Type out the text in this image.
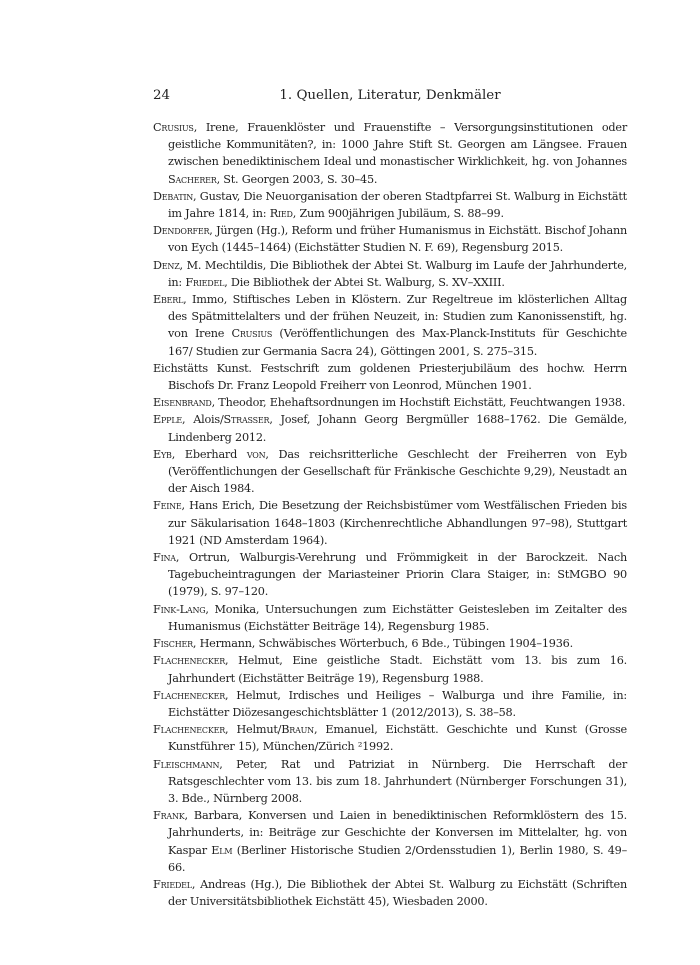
24	1. Quellen, Literatur, Denkmäler

Crusius, Irene, Frauenklöster und Frauenstifte – Versorgungsinstitutionen oder geistliche Kommunitäten?, in: 1000 Jahre Stift St. Georgen am Längsee. Frauen zwischen benediktinischem Ideal und monastischer Wirklichkeit, hg. von Johannes Sacherer, St. Georgen 2003, S. 30–45.

Debatin, Gustav, Die Neuorganisation der oberen Stadtpfarrei St. Walburg in Eichstätt im Jahre 1814, in: Ried, Zum 900jährigen Jubiläum, S. 88–99.

Dendorfer, Jürgen (Hg.), Reform und früher Humanismus in Eichstätt. Bischof Johann von Eych (1445–1464) (Eichstätter Studien N. F. 69), Regensburg 2015.

Denz, M. Mechtildis, Die Bibliothek der Abtei St. Walburg im Laufe der Jahrhunderte, in: Friedel, Die Bibliothek der Abtei St. Walburg, S. XV–XXIII.

Eberl, Immo, Stiftisches Leben in Klöstern. Zur Regeltreue im klösterlichen Alltag des Spätmittelalters und der frühen Neuzeit, in: Studien zum Kanonissenstift, hg. von Irene Crusius (Veröffentlichungen des Max-Planck-Instituts für Geschichte 167/ Studien zur Germania Sacra 24), Göttingen 2001, S. 275–315.

Eichstätts Kunst. Festschrift zum goldenen Priesterjubiläum des hochw. Herrn Bischofs Dr. Franz Leopold Freiherr von Leonrod, München 1901.

Eisenbrand, Theodor, Ehehaftsordnungen im Hochstift Eichstätt, Feuchtwangen 1938.

Epple, Alois/Strasser, Josef, Johann Georg Bergmüller 1688–1762. Die Gemälde, Lindenberg 2012.

Eyb, Eberhard von, Das reichsritterliche Geschlecht der Freiherren von Eyb (Veröffentlichungen der Gesellschaft für Fränkische Geschichte 9,29), Neustadt an der Aisch 1984.

Feine, Hans Erich, Die Besetzung der Reichsbistümer vom Westfälischen Frieden bis zur Säkularisation 1648–1803 (Kirchenrechtliche Abhandlungen 97–98), Stuttgart 1921 (ND Amsterdam 1964).

Fina, Ortrun, Walburgis-Verehrung und Frömmigkeit in der Barockzeit. Nach Tagebucheintragungen der Mariasteiner Priorin Clara Staiger, in: StMGBO 90 (1979), S. 97–120.

Fink-Lang, Monika, Untersuchungen zum Eichstätter Geistesleben im Zeitalter des Humanismus (Eichstätter Beiträge 14), Regensburg 1985.

Fischer, Hermann, Schwäbisches Wörterbuch, 6 Bde., Tübingen 1904–1936.

Flachenecker, Helmut, Eine geistliche Stadt. Eichstätt vom 13. bis zum 16. Jahrhundert (Eichstätter Beiträge 19), Regensburg 1988.

Flachenecker, Helmut, Irdisches und Heiliges – Walburga und ihre Familie, in: Eichstätter Diözesangeschichtsblätter 1 (2012/2013), S. 38–58.

Flachenecker, Helmut/Braun, Emanuel, Eichstätt. Geschichte und Kunst (Grosse Kunstführer 15), München/Zürich ²1992.

Fleischmann, Peter, Rat und Patriziat in Nürnberg. Die Herrschaft der Ratsgeschlechter vom 13. bis zum 18. Jahrhundert (Nürnberger Forschungen 31), 3. Bde., Nürnberg 2008.

Frank, Barbara, Konversen und Laien in benediktinischen Reformklöstern des 15. Jahrhunderts, in: Beiträge zur Geschichte der Konversen im Mittelalter, hg. von Kaspar Elm (Berliner Historische Studien 2/Ordensstudien 1), Berlin 1980, S. 49–66.

Friedel, Andreas (Hg.), Die Bibliothek der Abtei St. Walburg zu Eichstätt (Schriften der Universitätsbibliothek Eichstätt 45), Wiesbaden 2000.
